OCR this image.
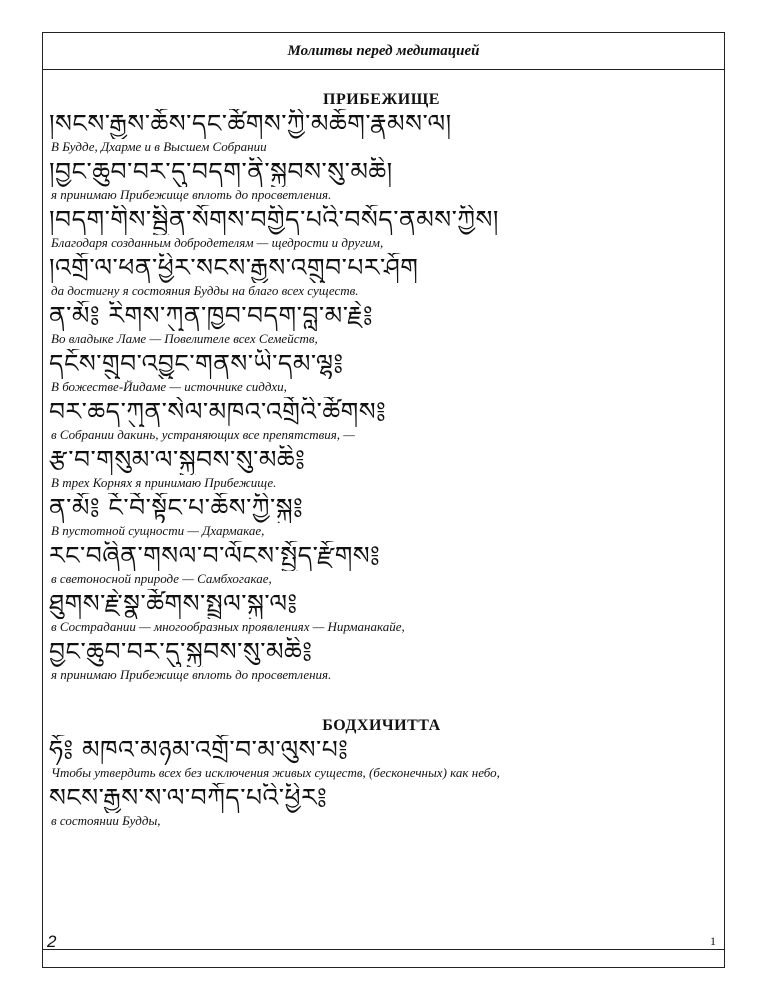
Молитвы перед медитацией
ПРИБЕЖИЩЕ
།སངས་རྒྱས་ཆོས་དང་ཚོགས་ཀྱི་མཆོག་རྣམས་ལ།
В Будде, Дхарме и в Высшем Собрании
།བྱང་ཆུབ་བར་དུ་བདག་ནི་སྐྱབས་སུ་མཆི།
я принимаю Прибежище вплоть до просветления.
།བདག་གིས་སྦྱིན་སོགས་བགྱིད་པའི་བསོད་ནམས་ཀྱིས།
Благодаря созданным добродетелям — щедрости и другим,
།འགྲོ་ལ་ཕན་ཕྱིར་སངས་རྒྱས་འགྲུབ་པར་ཤོག
да достигну я состояния Будды на благо всех существ.
ན་མོ༔ རིགས་ཀུན་ཁྱབ་བདག་བླ་མ་རྗེ༔
Во владыке Ламе — Повелителе всех Семейств,
དངོས་གྲུབ་འབྱུང་གནས་ཡི་དམ་ལྷ༔
В божестве-Йидаме — источнике сиддхи,
བར་ཆད་ཀུན་སེལ་མཁའ་འགྲོའི་ཚོགས༔
в Собрании дакинь, устраняющих все препятствия, —
རྩ་བ་གསུམ་ལ་སྐྱབས་སུ་མཆི༔
В трех Корнях я принимаю Прибежище.
ན་མོ༔ ངོ་བོ་སྟོང་པ་ཆོས་ཀྱི་སྐུ༔
В пустотной сущности — Дхармакае,
རང་བཞིན་གསལ་བ་ལོངས་སྤྱོད་རྫོགས༔
в светоносной природе — Самбхогакае,
ཐུགས་རྗེ་སྣ་ཚོགས་སྤྲུལ་སྐུ་ལ༔
в Сострадании — многообразных проявлениях — Нирманакайе,
བྱང་ཆུབ་བར་དུ་སྐྱབས་སུ་མཆི༔
я принимаю Прибежище вплоть до просветления.
БОДХИЧИТТА
ཧོ༔ མཁའ་མཉམ་འགྲོ་བ་མ་ལུས་པ༔
Чтобы утвердить всех без исключения живых существ, (бесконечных) как небо,
སངས་རྒྱས་ས་ལ་བཀོད་པའི་ཕྱིར༔
в состоянии Будды,
2	1
